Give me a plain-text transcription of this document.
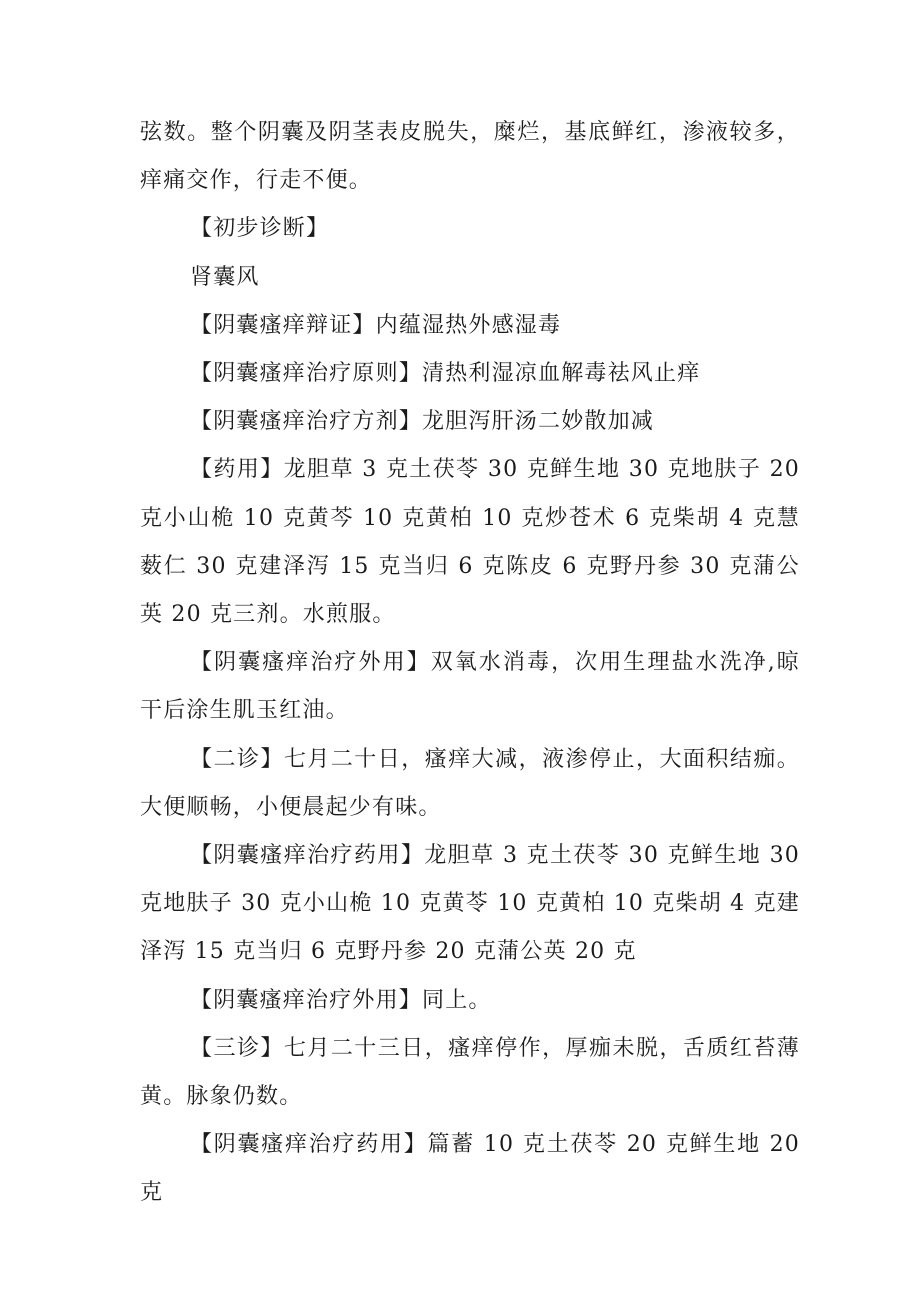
弦数。整个阴囊及阴茎表皮脱失，糜烂，基底鲜红，渗液较多，痒痛交作，行走不便。

【初步诊断】

肾囊风

【阴囊瘙痒辩证】内蕴湿热外感湿毒

【阴囊瘙痒治疗原则】清热利湿凉血解毒祛风止痒

【阴囊瘙痒治疗方剂】龙胆泻肝汤二妙散加减

【药用】龙胆草 3 克土茯苓 30 克鲜生地 30 克地肤子 20 克小山桅 10 克黄芩 10 克黄柏 10 克炒苍术 6 克柴胡 4 克慧薮仁 30 克建泽泻 15 克当归 6 克陈皮 6 克野丹参 30 克蒲公英 20 克三剂。水煎服。

【阴囊瘙痒治疗外用】双氧水消毒，次用生理盐水洗净,晾干后涂生肌玉红油。

【二诊】七月二十日，瘙痒大减，液渗停止，大面积结痂。大便顺畅，小便晨起少有味。

【阴囊瘙痒治疗药用】龙胆草 3 克土茯苓 30 克鲜生地 30 克地肤子 30 克小山桅 10 克黄苓 10 克黄柏 10 克柴胡 4 克建泽泻 15 克当归 6 克野丹参 20 克蒲公英 20 克

【阴囊瘙痒治疗外用】同上。

【三诊】七月二十三日，瘙痒停作，厚痂未脱，舌质红苔薄黄。脉象仍数。

【阴囊瘙痒治疗药用】篇蓄 10 克土茯苓 20 克鲜生地 20 克
